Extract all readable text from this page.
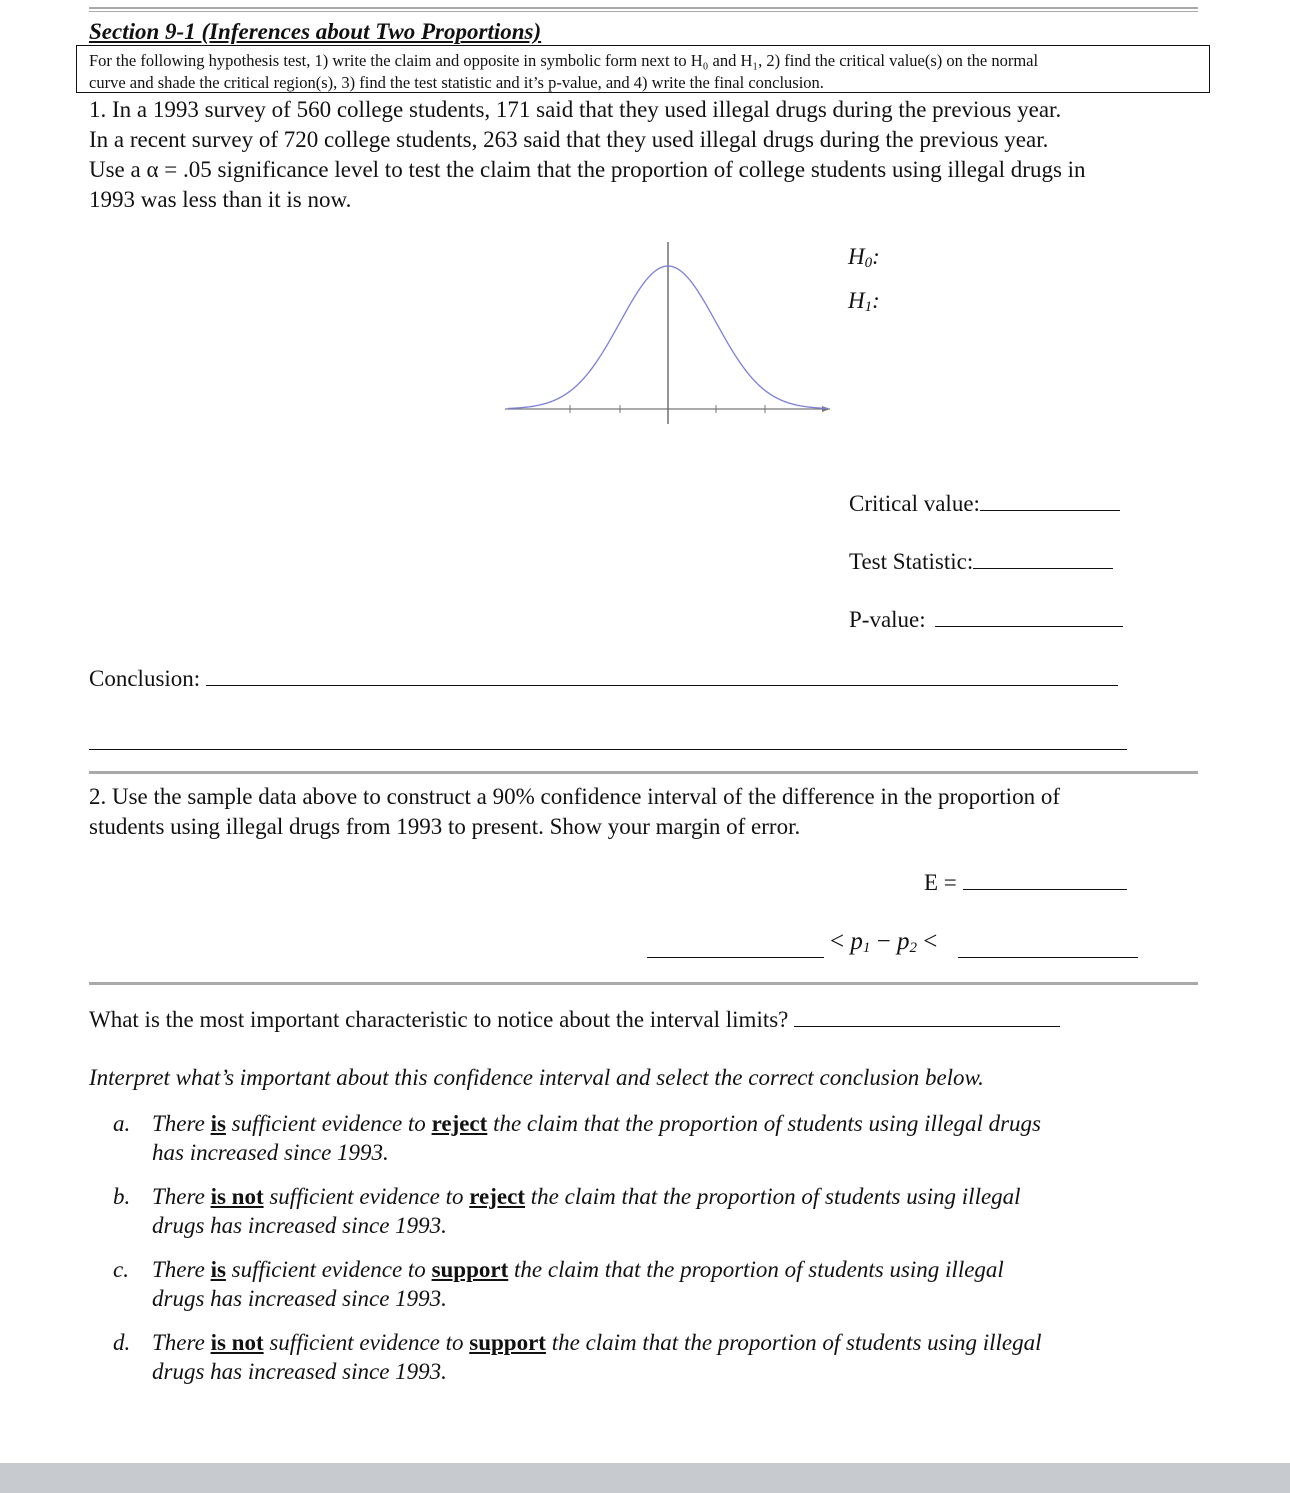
Section 9-1 (Inferences about Two Proportions)
For the following hypothesis test, 1) write the claim and opposite in symbolic form next to H₀ and H₁, 2) find the critical value(s) on the normal
curve and shade the critical region(s), 3) find the test statistic and it’s p-value, and 4) write the final conclusion.
1. In a 1993 survey of 560 college students, 171 said that they used illegal drugs during the previous year.
In a recent survey of 720 college students, 263 said that they used illegal drugs during the previous year.
Use a α = .05 significance level to test the claim that the proportion of college students using illegal drugs in
1993 was less than it is now.
$H_0$:
$H_1$:
Critical value:
Test Statistic:
P-value:
Conclusion:
2. Use the sample data above to construct a 90% confidence interval of the difference in the proportion of
students using illegal drugs from 1993 to present. Show your margin of error.
E =
< $p_1 - p_2$ <
What is the most important characteristic to notice about the interval limits?
Interpret what’s important about this confidence interval and select the correct conclusion below.
a. There is sufficient evidence to reject the claim that the proportion of students using illegal drugs
has increased since 1993.
b. There is not sufficient evidence to reject the claim that the proportion of students using illegal
drugs has increased since 1993.
c. There is sufficient evidence to support the claim that the proportion of students using illegal
drugs has increased since 1993.
d. There is not sufficient evidence to support the claim that the proportion of students using illegal
drugs has increased since 1993.
